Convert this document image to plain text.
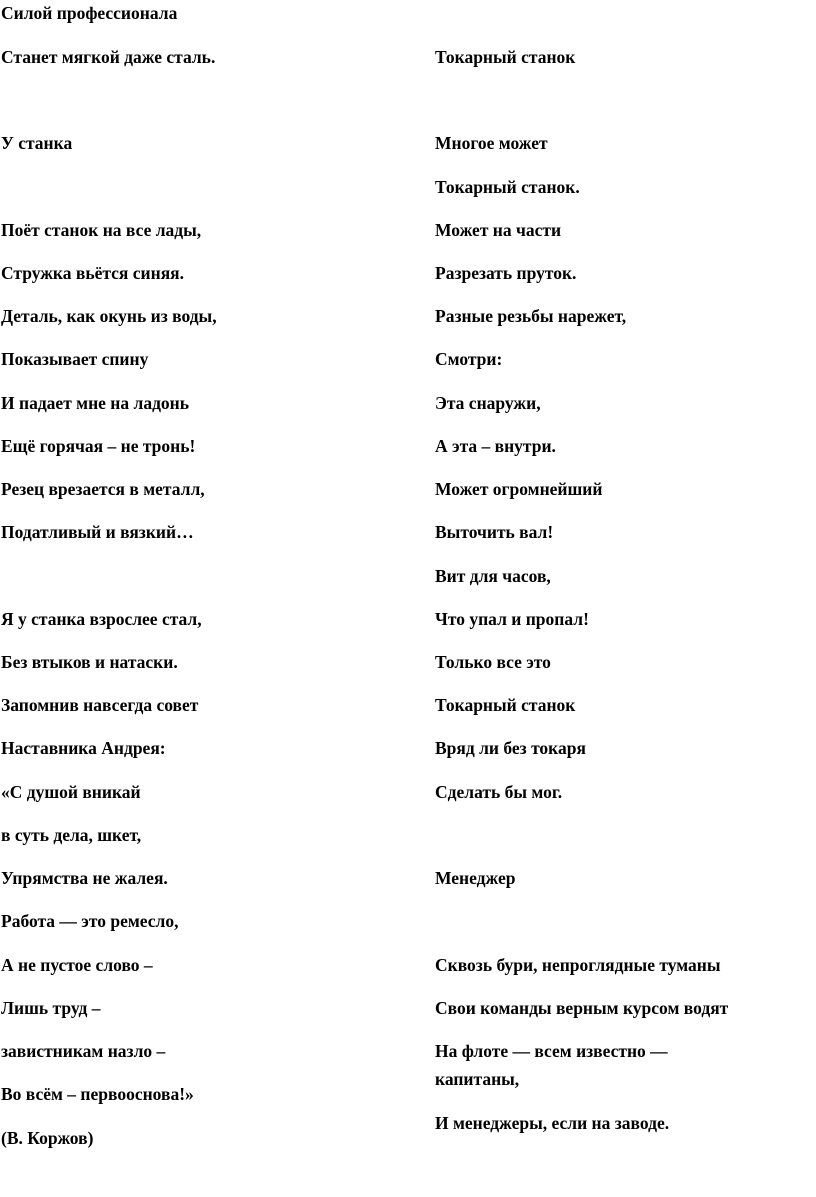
Силой профессионала

Станет мягкой даже сталь.

У станка

Поёт станок на все лады,

Стружка вьётся синяя.

Деталь, как окунь из воды,

Показывает спину

И падает мне на ладонь

Ещё горячая – не тронь!

Резец врезается в металл,

Податливый и вязкий…

Я у станка взрослее стал,

Без втыков и натаски.

Запомнив навсегда совет

Наставника Андрея:

«С душой вникай

в суть дела, шкет,

Упрямства не жалея.

Работа — это ремесло,

А не пустое слово –

Лишь труд –

завистникам назло –

Во всём – первооснова!»

(В. Коржов)

Токарный станок

Многое может

Токарный станок.

Может на части

Разрезать пруток.

Разные резьбы нарежет,

Смотри:

Эта снаружи,

А эта – внутри.

Может огромнейший

Выточить вал!

Вит для часов,

Что упал и пропал!

Только все это

Токарный станок

Вряд ли без токаря

Сделать бы мог.

Менеджер

Сквозь бури, непроглядные туманы

Свои команды верным курсом водят

На флоте — всем известно —

капитаны,

И менеджеры, если на заводе.
